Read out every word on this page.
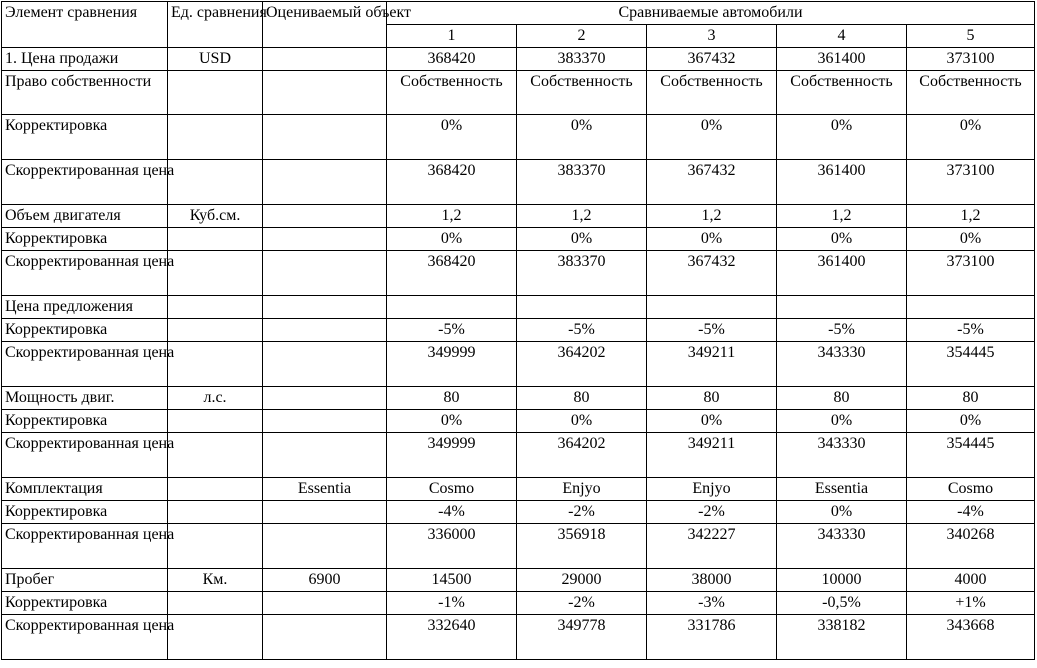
Элемент сравнения	Ед. сравнения	Оцениваемый объект	Сравниваемые автомобили				
			1	2	3	4	5
1. Цена продажи	USD		368420	383370	367432	361400	373100
Право собственности			Собственность	Собственность	Собственность	Собственность	Собственность
Корректировка			0%	0%	0%	0%	0%
Скорректированная цена			368420	383370	367432	361400	373100
Объем двигателя	Куб.см.		1,2	1,2	1,2	1,2	1,2
Корректировка			0%	0%	0%	0%	0%
Скорректированная цена			368420	383370	367432	361400	373100
Цена предложения							
Корректировка			-5%	-5%	-5%	-5%	-5%
Скорректированная цена			349999	364202	349211	343330	354445
Мощность двиг.	л.с.		80	80	80	80	80
Корректировка			0%	0%	0%	0%	0%
Скорректированная цена			349999	364202	349211	343330	354445
Комплектация		Essentia	Cosmo	Enjyo	Enjyo	Essentia	Cosmo
Корректировка			-4%	-2%	-2%	0%	-4%
Скорректированная цена			336000	356918	342227	343330	340268
Пробег	Км.	6900	14500	29000	38000	10000	4000
Корректировка			-1%	-2%	-3%	-0,5%	+1%
Скорректированная цена			332640	349778	331786	338182	343668
